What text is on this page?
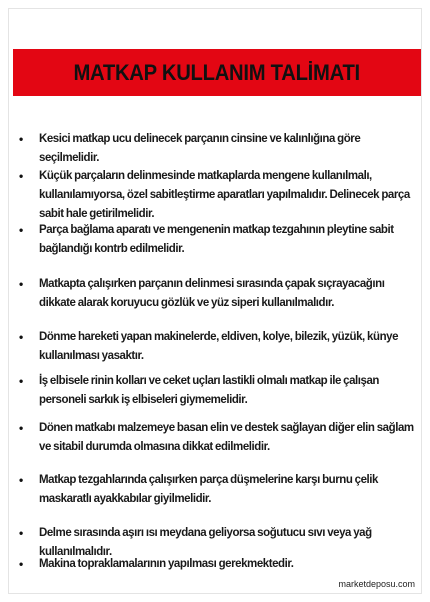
MATKAP KULLANIM TALİMATI
•	Kesici matkap ucu delinecek parçanın cinsine ve kalınlığına göre seçilmelidir.
•	Küçük parçaların delinmesinde matkaplarda mengene kullanılmalı, kullanılamıyorsa, özel sabitleştirme aparatları yapılmalıdır. Delinecek parça sabit hale getirilmelidir.
•	Parça bağlama aparatı ve mengenenin matkap tezgahının pleytine sabit bağlandığı kontrb edilmelidir.
•	Matkapta çalışırken parçanın delinmesi sırasında çapak sıçrayacağını dikkate alarak koruyucu gözlük ve yüz siperi kullanılmalıdır.
•	Dönme hareketi yapan makinelerde, eldiven, kolye, bilezik, yüzük, künye kullanılması yasaktır.
•	İş elbisele rinin kolları ve ceket uçları lastikli olmalı matkap ile çalışan personeli sarkık iş elbiseleri giymemelidir.
•	Dönen matkabı malzemeye basan elin ve destek sağlayan diğer elin sağlam ve sitabil durumda olmasına dikkat edilmelidir.
•	Matkap tezgahlarında çalışırken parça düşmelerine karşı burnu çelik maskaratlı ayakkabılar giyilmelidir.
•	Delme sırasında aşırı ısı meydana geliyorsa soğutucu sıvı veya yağ kullanılmalıdır.
•	Makina topraklamalarının yapılması gerekmektedir.
marketdeposu.com
